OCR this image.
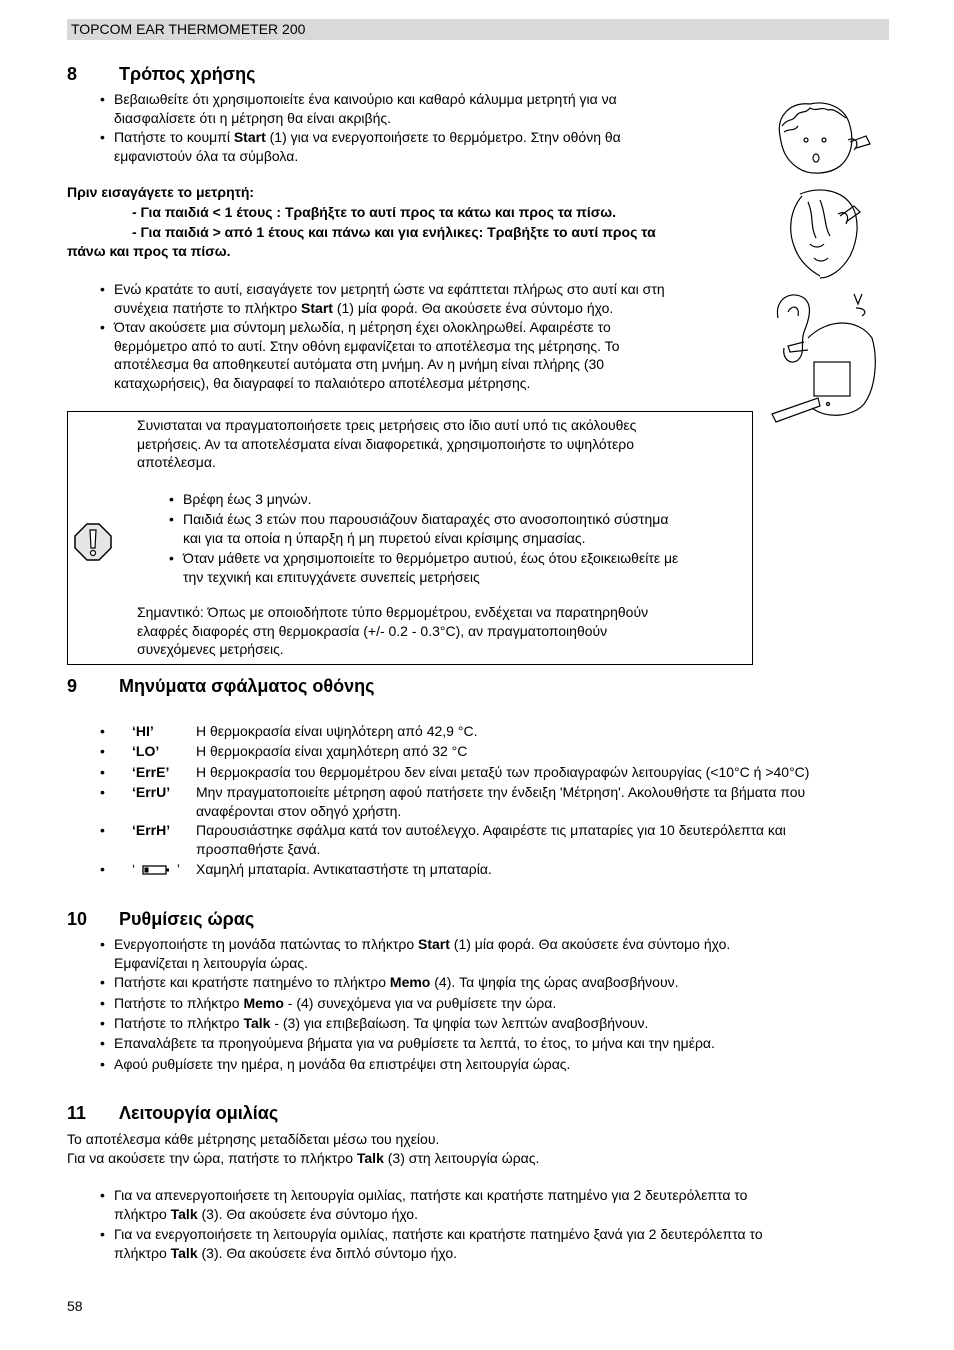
TOPCOM EAR THERMOMETER 200
8 Τρόπος χρήσης
• Βεβαιωθείτε ότι χρησιμοποιείτε ένα καινούριο και καθαρό κάλυμμα μετρητή για να
διασφαλίσετε ότι η μέτρηση θα είναι ακριβής.
• Πατήστε το κουμπί Start (1) για να ενεργοποιήσετε το θερμόμετρο. Στην οθόνη θα
εμφανιστούν όλα τα σύμβολα.
Πριν εισαγάγετε το μετρητή:
- Για παιδιά < 1 έτους : Τραβήξτε το αυτί προς τα κάτω και προς τα πίσω.
- Για παιδιά > από 1 έτους και πάνω και για ενήλικες: Τραβήξτε το αυτί προς τα
πάνω και προς τα πίσω.
• Ενώ κρατάτε το αυτί, εισαγάγετε τον μετρητή ώστε να εφάπτεται πλήρως στο αυτί και στη
συνέχεια πατήστε το πλήκτρο Start (1) μία φορά. Θα ακούσετε ένα σύντομο ήχο.
• Όταν ακούσετε μια σύντομη μελωδία, η μέτρηση έχει ολοκληρωθεί. Αφαιρέστε το
θερμόμετρο από το αυτί. Στην οθόνη εμφανίζεται το αποτέλεσμα της μέτρησης. Το
αποτέλεσμα θα αποθηκευτεί αυτόματα στη μνήμη. Αν η μνήμη είναι πλήρης (30
καταχωρήσεις), θα διαγραφεί το παλαιότερο αποτέλεσμα μέτρησης.
Συνισταται να πραγματοποιήσετε τρεις μετρήσεις στο ίδιο αυτί υπό τις ακόλουθες
μετρήσεις. Αν τα αποτελέσματα είναι διαφορετικά, χρησιμοποιήστε το υψηλότερο
αποτέλεσμα.
• Βρέφη έως 3 μηνών.
• Παιδιά έως 3 ετών που παρουσιάζουν διαταραχές στο ανοσοποιητικό σύστημα
και για τα οποία η ύπαρξη ή μη πυρετού είναι κρίσιμης σημασίας.
• Όταν μάθετε να χρησιμοποιείτε το θερμόμετρο αυτιού, έως ότου εξοικειωθείτε με
την τεχνική και επιτυγχάνετε συνεπείς μετρήσεις
Σημαντικό: Όπως με οποιοδήποτε τύπο θερμομέτρου, ενδέχεται να παρατηρηθούν
ελαφρές διαφορές στη θερμοκρασία (+/- 0.2 - 0.3°C), αν πραγματοποιηθούν
συνεχόμενες μετρήσεις.
9 Μηνύματα σφάλματος οθόνης
• ‘HI’	Η θερμοκρασία είναι υψηλότερη από 42,9 °C.
• ‘LO’	Η θερμοκρασία είναι χαμηλότερη από 32 °C
• ‘ErrE’ Η θερμοκρασία του θερμομέτρου δεν είναι μεταξύ των προδιαγραφών λειτουργίας (<10°C ή >40°C)
• ‘ErrU’ Μην πραγματοποιείτε μέτρηση αφού πατήσετε την ένδειξη 'Μέτρηση'. Ακολουθήστε τα βήματα που
αναφέρονται στον οδηγό χρήστη.
• ‘ErrH’ Παρουσιάστηκε σφάλμα κατά τον αυτοέλεγχο. Αφαιρέστε τις μπαταρίες για 10 δευτερόλεπτα και
προσπαθήστε ξανά.
• ‘	’ Χαμηλή μπαταρία. Αντικαταστήστε τη μπαταρία.
10 Ρυθμίσεις ώρας
• Ενεργοποιήστε τη μονάδα πατώντας το πλήκτρο Start (1) μία φορά. Θα ακούσετε ένα σύντομο ήχο.
Εμφανίζεται η λειτουργία ώρας.
• Πατήστε και κρατήστε πατημένο το πλήκτρο Memo (4). Τα ψηφία της ώρας αναβοσβήνουν.
• Πατήστε το πλήκτρο Memo - (4) συνεχόμενα για να ρυθμίσετε την ώρα.
• Πατήστε το πλήκτρο Talk - (3) για επιβεβαίωση. Τα ψηφία των λεπτών αναβοσβήνουν.
• Επαναλάβετε τα προηγούμενα βήματα για να ρυθμίσετε τα λεπτά, το έτος, το μήνα και την ημέρα.
• Αφού ρυθμίσετε την ημέρα, η μονάδα θα επιστρέψει στη λειτουργία ώρας.
11 Λειτουργία ομιλίας
Το αποτέλεσμα κάθε μέτρησης μεταδίδεται μέσω του ηχείου.
Για να ακούσετε την ώρα, πατήστε το πλήκτρο Talk (3) στη λειτουργία ώρας.
• Για να απενεργοποιήσετε τη λειτουργία ομιλίας, πατήστε και κρατήστε πατημένο για 2 δευτερόλεπτα το
πλήκτρο Talk (3). Θα ακούσετε ένα σύντομο ήχο.
• Για να ενεργοποιήσετε τη λειτουργία ομιλίας, πατήστε και κρατήστε πατημένο ξανά για 2 δευτερόλεπτα το
πλήκτρο Talk (3). Θα ακούσετε ένα διπλό σύντομο ήχο.
58
